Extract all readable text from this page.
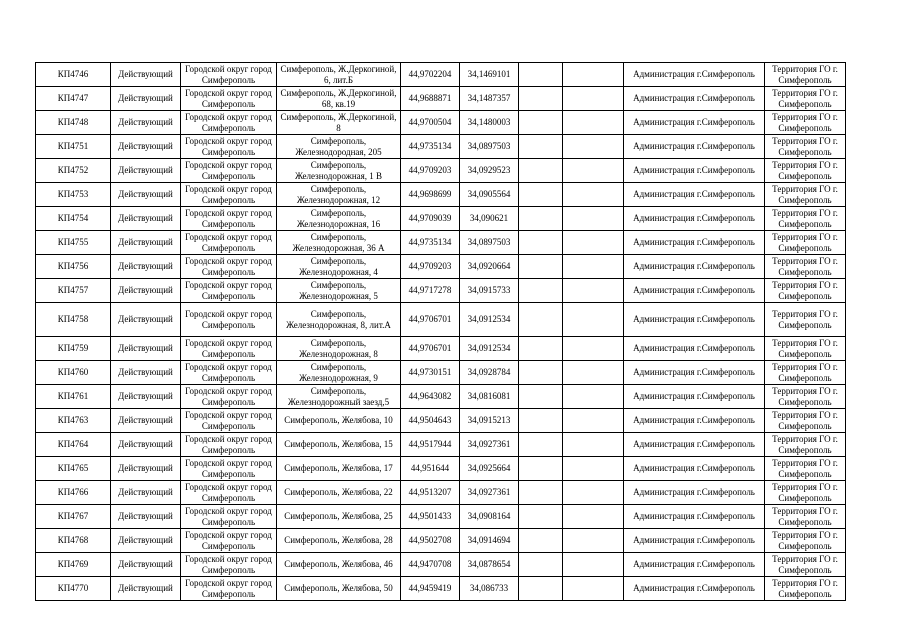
КП4746	Действующий	Городской округ город Симферополь	Симферополь, Ж.Деркогиной, 6, лит.Б	44,9702204	34,1469101			Администрация г.Симферополь	Территория ГО г. Симферополь
КП4747	Действующий	Городской округ город Симферополь	Симферополь, Ж.Деркогиной, 68, кв.19	44,9688871	34,1487357			Администрация г.Симферополь	Территория ГО г. Симферополь
КП4748	Действующий	Городской округ город Симферополь	Симферополь, Ж.Деркогиной, 8	44,9700504	34,1480003			Администрация г.Симферополь	Территория ГО г. Симферополь
КП4751	Действующий	Городской округ город Симферополь	Симферополь, Железнодородная, 205	44,9735134	34,0897503			Администрация г.Симферополь	Территория ГО г. Симферополь
КП4752	Действующий	Городской округ город Симферополь	Симферополь, Железнодорожная, 1 В	44,9709203	34,0929523			Администрация г.Симферополь	Территория ГО г. Симферополь
КП4753	Действующий	Городской округ город Симферополь	Симферополь, Железнодорожная, 12	44,9698699	34,0905564			Администрация г.Симферополь	Территория ГО г. Симферополь
КП4754	Действующий	Городской округ город Симферополь	Симферополь, Железнодорожная, 16	44,9709039	34,090621			Администрация г.Симферополь	Территория ГО г. Симферополь
КП4755	Действующий	Городской округ город Симферополь	Симферополь, Железнодорожная, 36 А	44,9735134	34,0897503			Администрация г.Симферополь	Территория ГО г. Симферополь
КП4756	Действующий	Городской округ город Симферополь	Симферополь, Железнодорожная, 4	44,9709203	34,0920664			Администрация г.Симферополь	Территория ГО г. Симферополь
КП4757	Действующий	Городской округ город Симферополь	Симферополь, Железнодорожная, 5	44,9717278	34,0915733			Администрация г.Симферополь	Территория ГО г. Симферополь
КП4758	Действующий	Городской округ город Симферополь	Симферополь, Железнодорожная, 8, лит.А	44,9706701	34,0912534			Администрация г.Симферополь	Территория ГО г. Симферополь
КП4759	Действующий	Городской округ город Симферополь	Симферополь, Железнодорожная, 8	44,9706701	34,0912534			Администрация г.Симферополь	Территория ГО г. Симферополь
КП4760	Действующий	Городской округ город Симферополь	Симферополь, Железнодорожная, 9	44,9730151	34,0928784			Администрация г.Симферополь	Территория ГО г. Симферополь
КП4761	Действующий	Городской округ город Симферополь	Симферополь, Железнодорожный заезд,5	44,9643082	34,0816081			Администрация г.Симферополь	Территория ГО г. Симферополь
КП4763	Действующий	Городской округ город Симферополь	Симферополь, Желябова, 10	44,9504643	34,0915213			Администрация г.Симферополь	Территория ГО г. Симферополь
КП4764	Действующий	Городской округ город Симферополь	Симферополь, Желябова, 15	44,9517944	34,0927361			Администрация г.Симферополь	Территория ГО г. Симферополь
КП4765	Действующий	Городской округ город Симферополь	Симферополь, Желябова, 17	44,951644	34,0925664			Администрация г.Симферополь	Территория ГО г. Симферополь
КП4766	Действующий	Городской округ город Симферополь	Симферополь, Желябова, 22	44,9513207	34,0927361			Администрация г.Симферополь	Территория ГО г. Симферополь
КП4767	Действующий	Городской округ город Симферополь	Симферополь, Желябова, 25	44,9501433	34,0908164			Администрация г.Симферополь	Территория ГО г. Симферополь
КП4768	Действующий	Городской округ город Симферополь	Симферополь, Желябова, 28	44,9502708	34,0914694			Администрация г.Симферополь	Территория ГО г. Симферополь
КП4769	Действующий	Городской округ город Симферополь	Симферополь, Желябова, 46	44,9470708	34,0878654			Администрация г.Симферополь	Территория ГО г. Симферополь
КП4770	Действующий	Городской округ город Симферополь	Симферополь, Желябова, 50	44,9459419	34,086733			Администрация г.Симферополь	Территория ГО г. Симферополь
